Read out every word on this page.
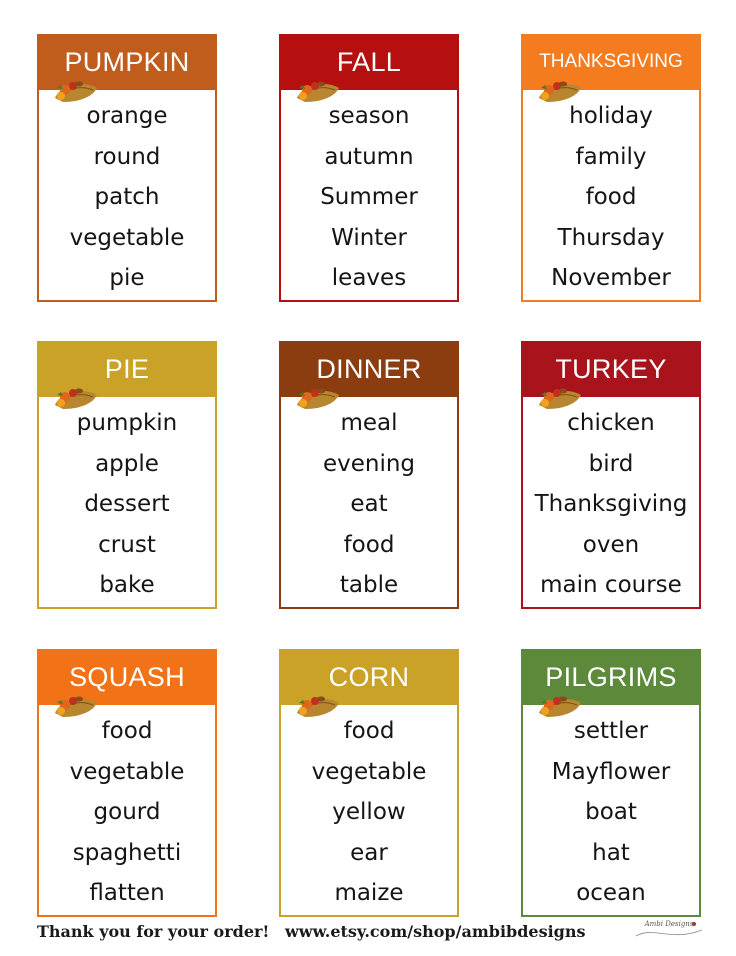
PUMPKIN
orange
round
patch
vegetable
pie
FALL
season
autumn
Summer
Winter
leaves
THANKSGIVING
holiday
family
food
Thursday
November
PIE
pumpkin
apple
dessert
crust
bake
DINNER
meal
evening
eat
food
table
TURKEY
chicken
bird
Thanksgiving
oven
main course
SQUASH
food
vegetable
gourd
spaghetti
flatten
CORN
food
vegetable
yellow
ear
maize
PILGRIMS
settler
Mayflower
boat
hat
ocean
Thank you for your order! www.etsy.com/shop/ambibdesigns	Ambi Designs
